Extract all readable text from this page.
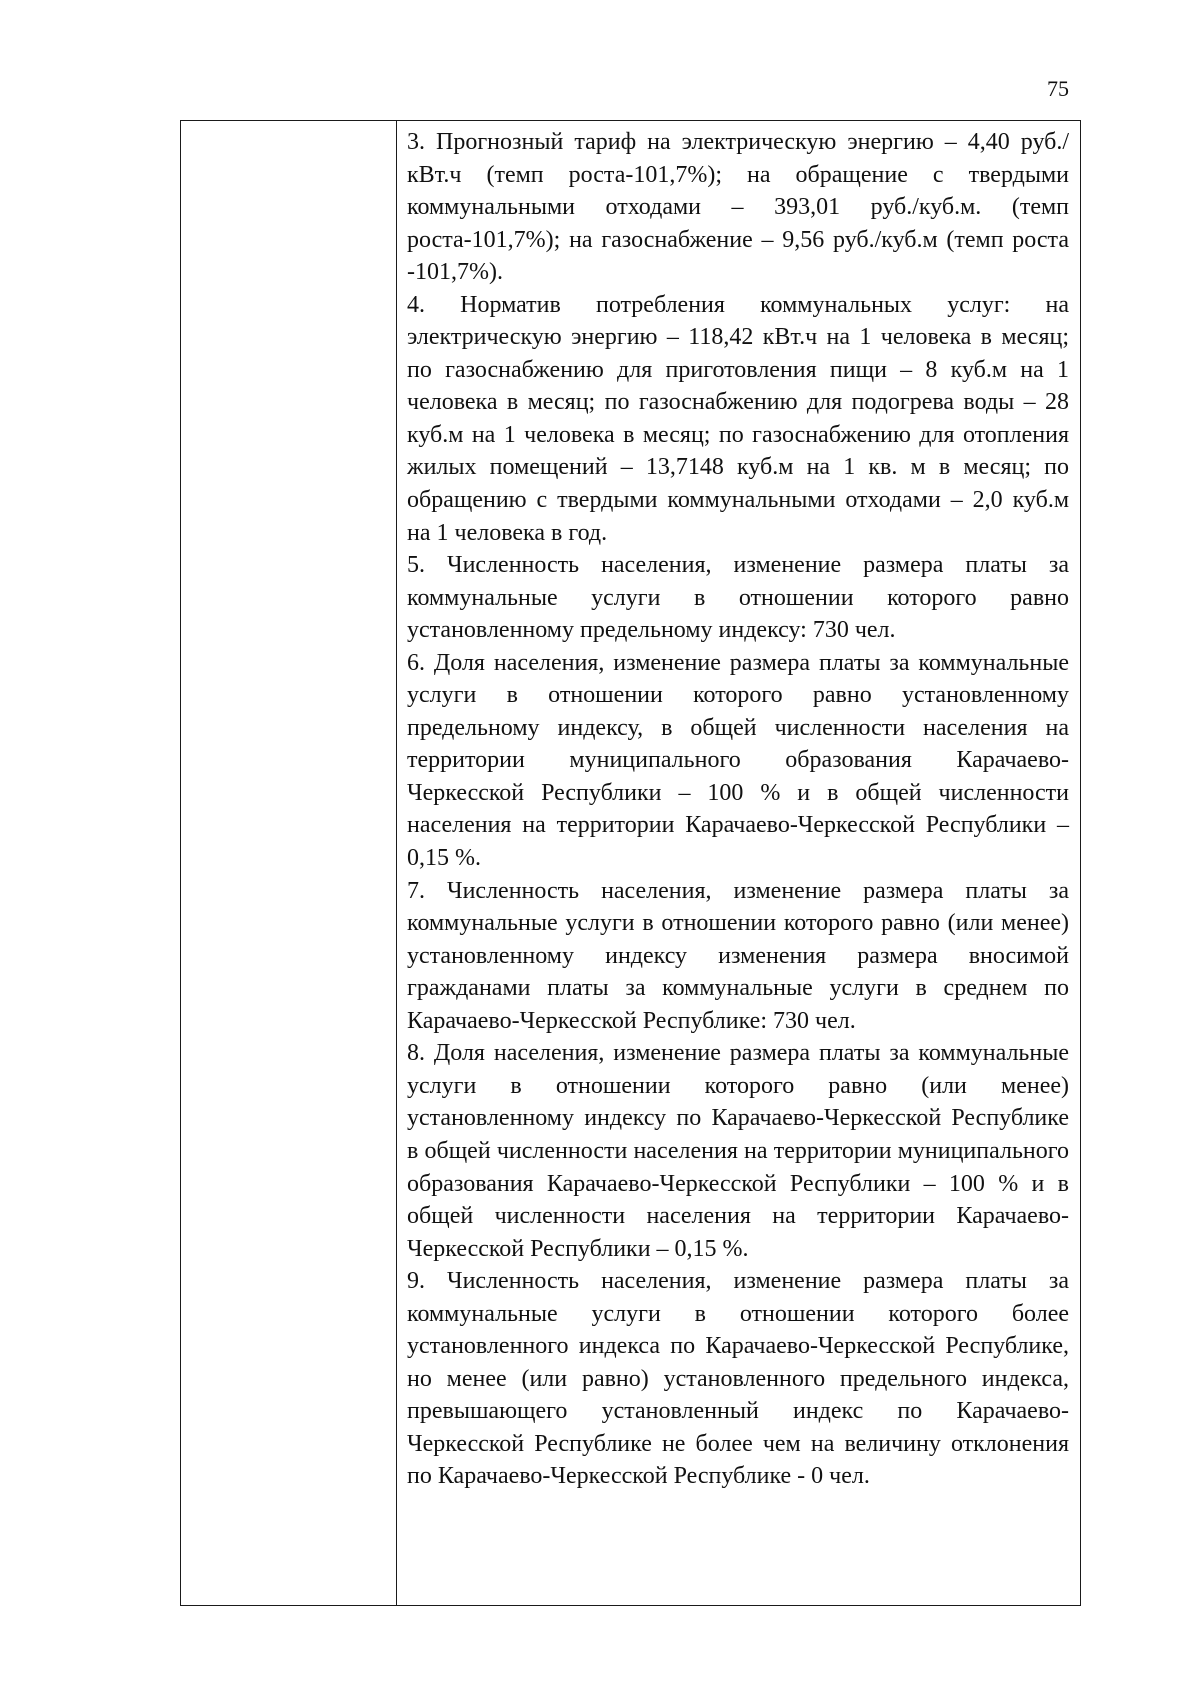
75

3. Прогнозный тариф на электрическую энергию – 4,40 руб./кВт.ч (темп роста-101,7%); на обращение с твердыми коммунальными отходами – 393,01 руб./куб.м. (темп роста-101,7%); на газоснабжение – 9,56 руб./куб.м (темп роста -101,7%).

4. Норматив потребления коммунальных услуг: на электрическую энергию – 118,42 кВт.ч на 1 человека в месяц; по газоснабжению для приготовления пищи – 8 куб.м на 1 человека в месяц; по газоснабжению для подогрева воды – 28 куб.м на 1 человека в месяц; по газоснабжению для отопления жилых помещений – 13,7148 куб.м на 1 кв. м в месяц; по обращению с твердыми коммунальными отходами – 2,0 куб.м на 1 человека в год.

5. Численность населения, изменение размера платы за коммунальные услуги в отношении которого равно установленному предельному индексу: 730 чел.

6. Доля населения, изменение размера платы за коммунальные услуги в отношении которого равно установленному предельному индексу, в общей численности населения на территории муниципального образования Карачаево-Черкесской Республики – 100 % и в общей численности населения на территории Карачаево-Черкесской Республики – 0,15 %.

7. Численность населения, изменение размера платы за коммунальные услуги в отношении которого равно (или менее) установленному индексу изменения размера вносимой гражданами платы за коммунальные услуги в среднем по Карачаево-Черкесской Республике: 730 чел.

8. Доля населения, изменение размера платы за коммунальные услуги в отношении которого равно (или менее) установленному индексу по Карачаево-Черкесской Республике в общей численности населения на территории муниципального образования Карачаево-Черкесской Республики – 100 % и в общей численности населения на территории Карачаево-Черкесской Республики – 0,15 %.

9. Численность населения, изменение размера платы за коммунальные услуги в отношении которого более установленного индекса по Карачаево-Черкесской Республике, но менее (или равно) установленного предельного индекса, превышающего установленный индекс по Карачаево-Черкесской Республике не более чем на величину отклонения по Карачаево-Черкесской Республике - 0 чел.
